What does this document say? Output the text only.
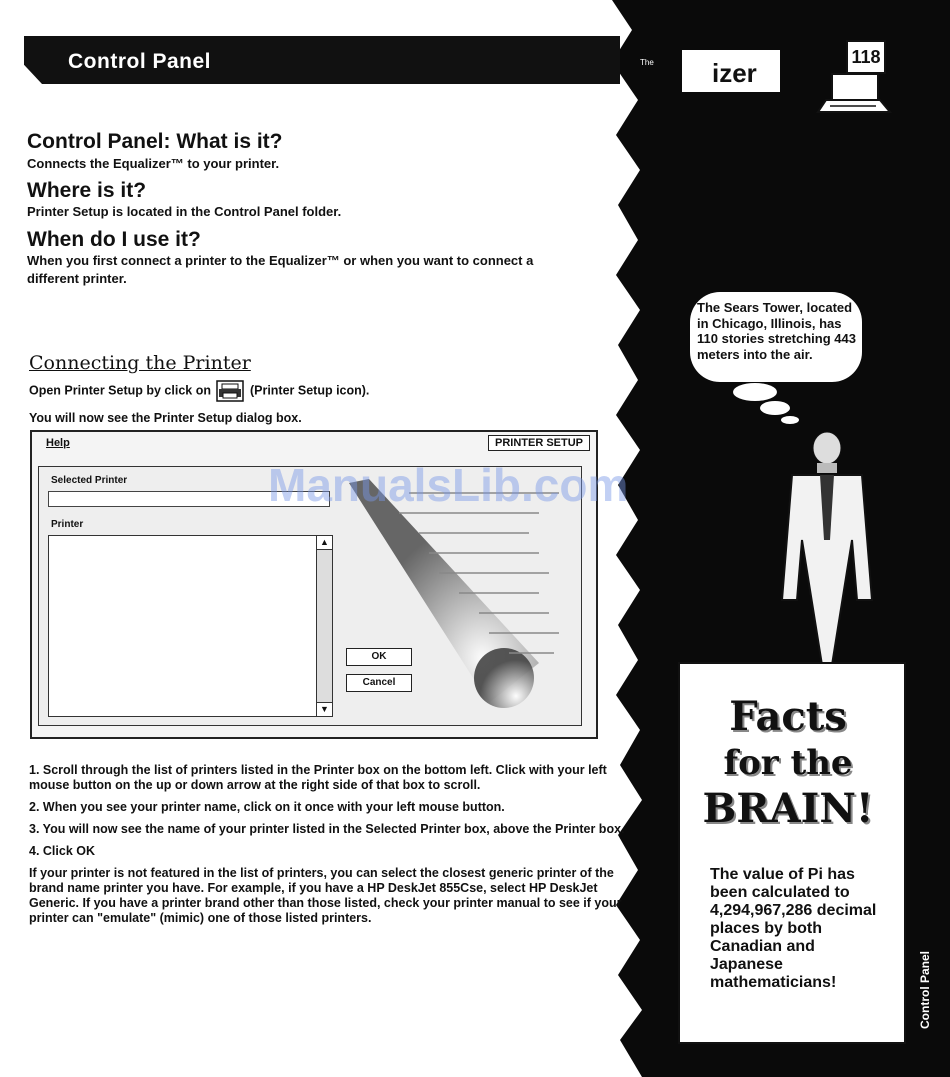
Control Panel	The izer
118
Control Panel: What is it?
Connects the Equalizer™ to your printer.
Where is it?
Printer Setup is located in the Control Panel folder.
When do I use it?
When you first connect a printer to the Equalizer™ or when you want to connect a different printer.
Connecting the Printer
Open Printer Setup by click on	(Printer Setup icon).
You will now see the Printer Setup dialog box.
Help	PRINTER SETUP
Selected Printer
Printer
▲
▼
OK
Cancel
ManualsLib.com

1. Scroll through the list of printers listed in the Printer box on the bottom left. Click with your left mouse button on the up or down arrow at the right side of that box to scroll.

2. When you see your printer name, click on it once with your left mouse button.

3. You will now see the name of your printer listed in the Selected Printer box, above the Printer box.

4. Click OK

If your printer is not featured in the list of printers, you can select the closest generic printer of the brand name printer you have. For example, if you have a HP DeskJet 855Cse, select HP DeskJet Generic. If you have a printer brand other than those listed, check your printer manual to see if your printer can "emulate" (mimic) one of those listed printers.

The Sears Tower, located in Chicago, Illinois, has 110 stories stretching 443 meters into the air.
Facts
for the
BRAIN!
The value of Pi has been calculated to 4,294,967,286 decimal places by both Canadian and Japanese mathematicians!	Control Panel
